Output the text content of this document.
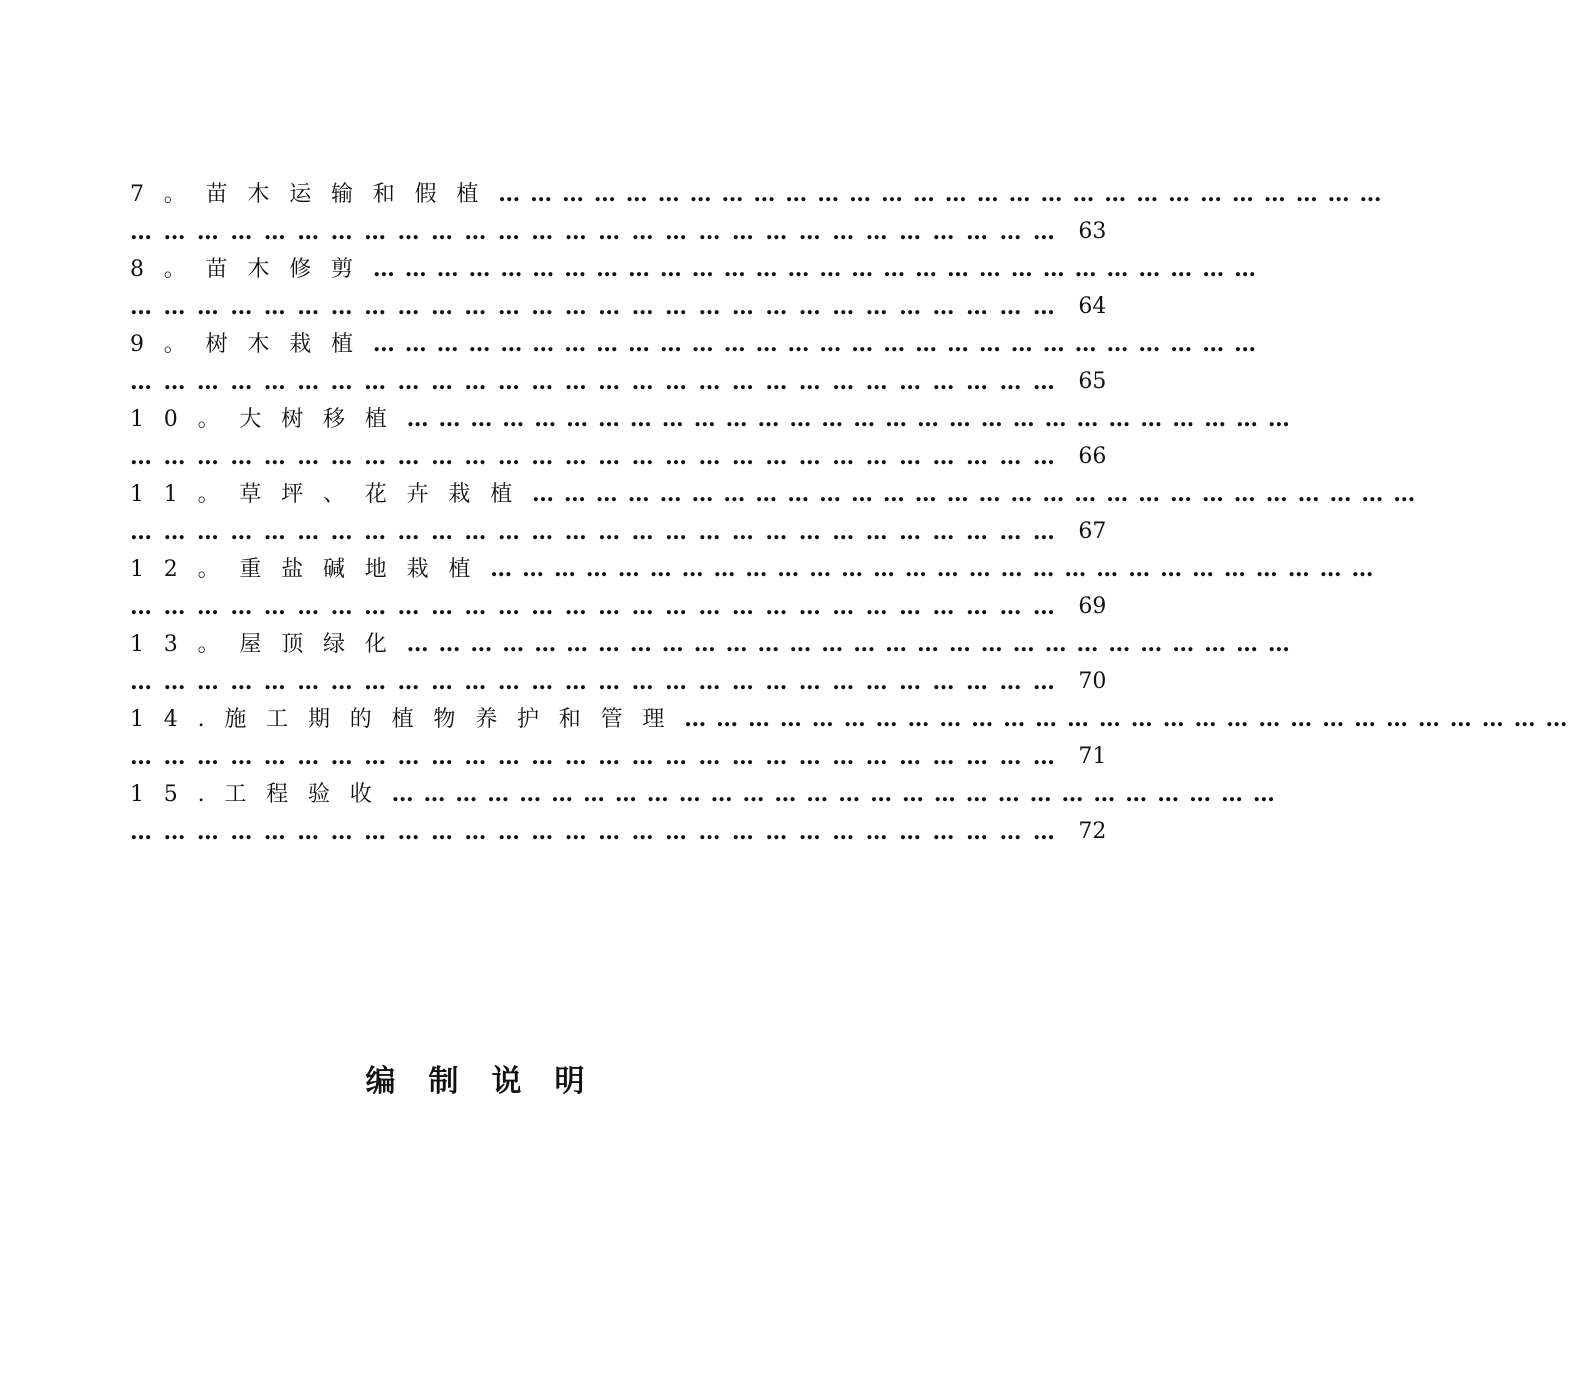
7。苗木运输和假植 …………………………………………………………………………
………………………………………………………………………… 63
8。苗木修剪 …………………………………………………………………………
………………………………………………………………………… 64
9。树木栽植 …………………………………………………………………………
………………………………………………………………………… 65
10。大树移植 …………………………………………………………………………
………………………………………………………………………… 66
11。草坪、花卉栽植 …………………………………………………………………………
………………………………………………………………………… 67
12。重盐碱地栽植 …………………………………………………………………………
………………………………………………………………………… 69
13。屋顶绿化 …………………………………………………………………………
………………………………………………………………………… 70
14.施工期的植物养护和管理 …………………………………………………………………………
………………………………………………………………………… 71
15.工程验收 …………………………………………………………………………
………………………………………………………………………… 72
编制说明
